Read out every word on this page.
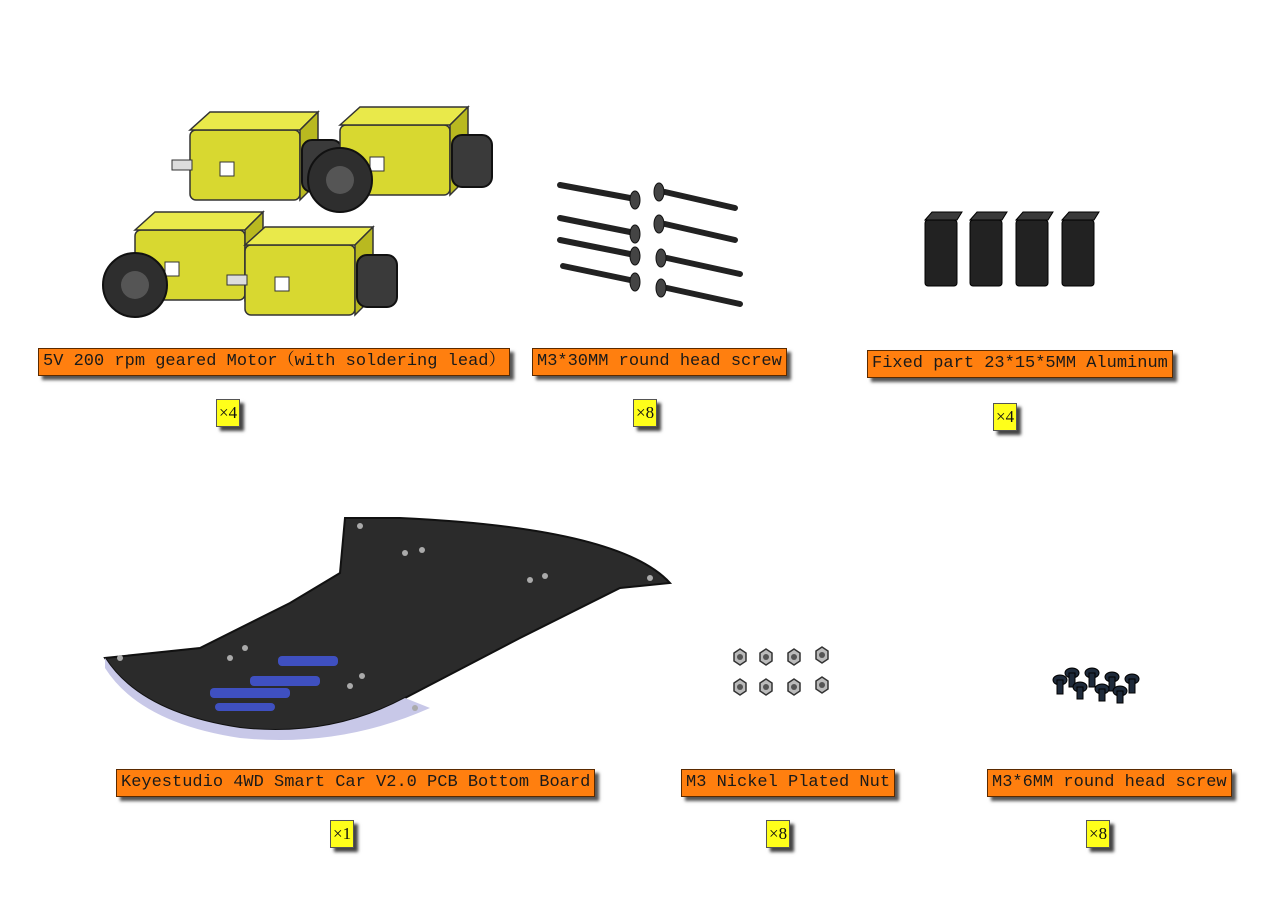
5V 200 rpm geared Motor（with soldering lead）
×4
M3*30MM round head screw
×8
Fixed part 23*15*5MM Aluminum
×4
Keyestudio 4WD Smart Car V2.0 PCB Bottom Board
×1
M3 Nickel Plated Nut
×8
M3*6MM round head screw
×8
